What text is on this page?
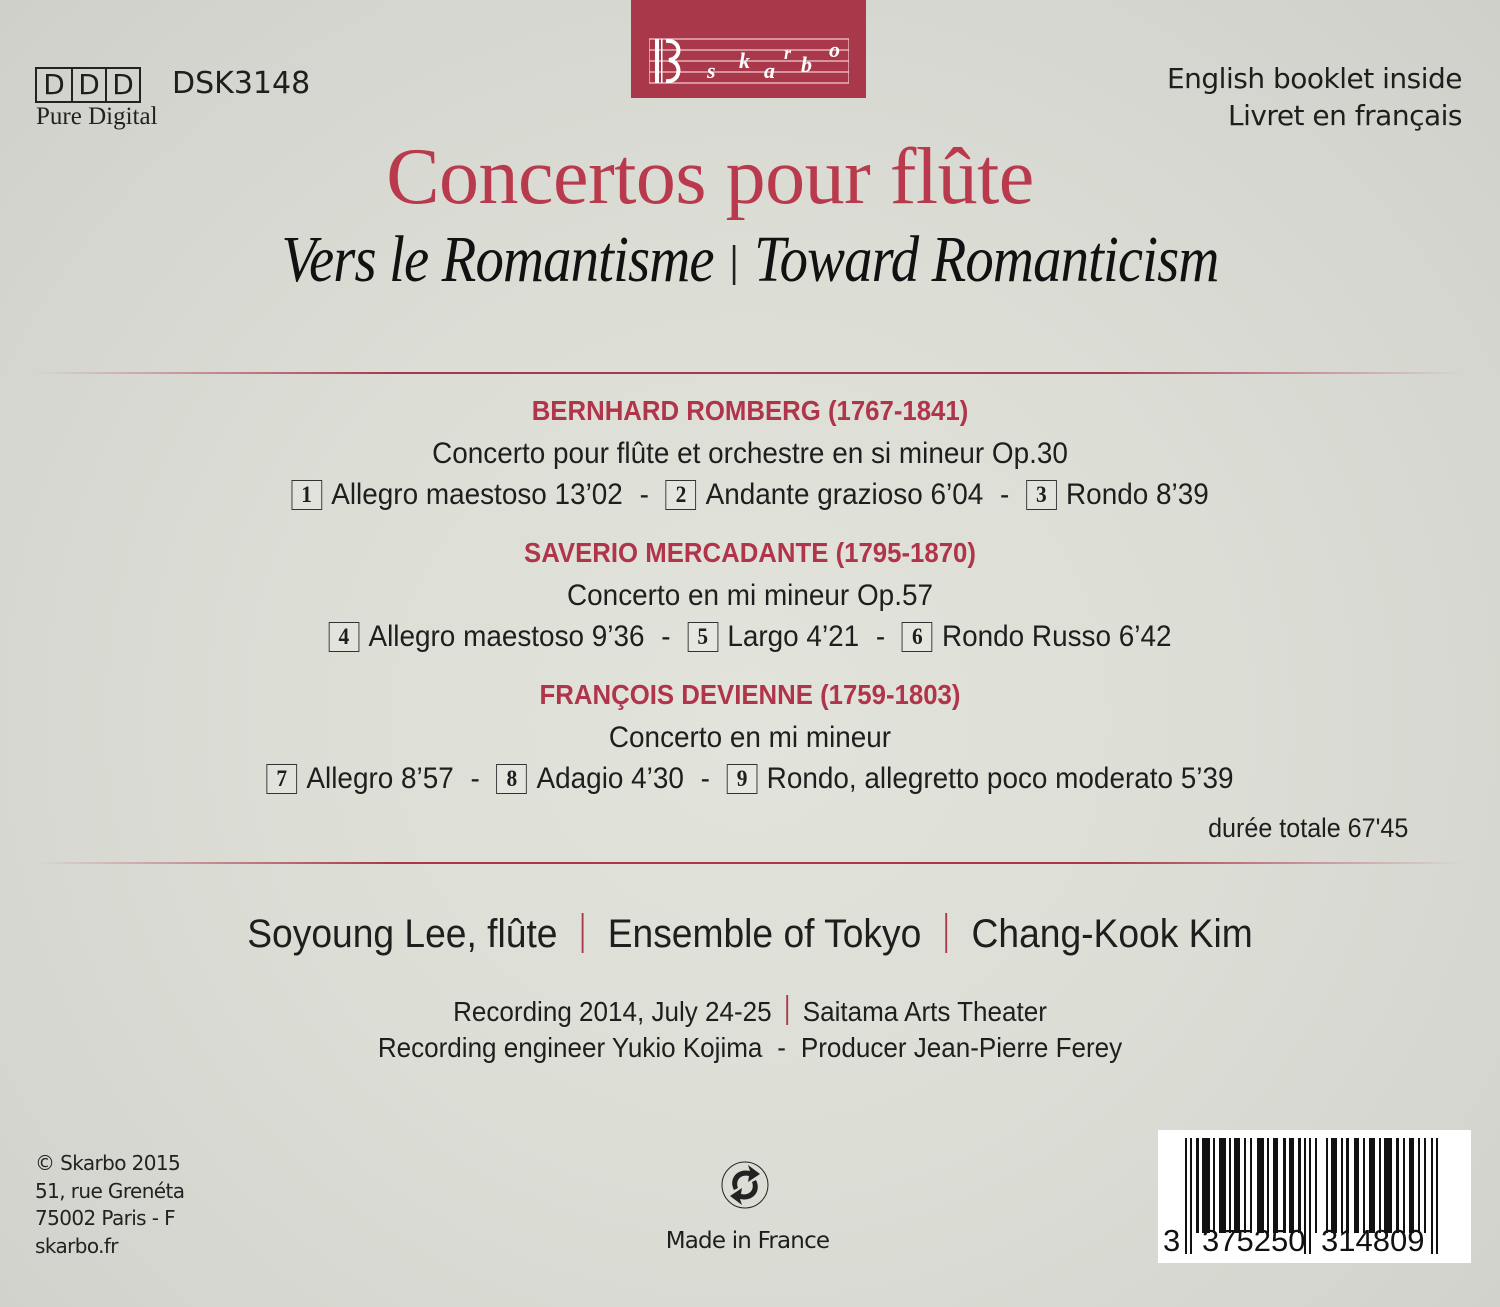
D D D DSK3148
Pure Digital
s k a
r b
o
English booklet inside
Livret en français
Concertos pour flûte
Vers le Romantisme Toward Romanticism
BERNHARD ROMBERG (1767-1841)
Concerto pour flûte et orchestre en si mineur Op.30
1 Allegro maestoso 13’02 - 2 Andante grazioso 6’04 - 3 Rondo 8’39
SAVERIO MERCADANTE (1795-1870)
Concerto en mi mineur Op.57
4 Allegro maestoso 9’36 - 5 Largo 4’21 - 6 Rondo Russo 6’42
FRANÇOIS DEVIENNE (1759-1803)
Concerto en mi mineur
7 Allegro 8’57 - 8 Adagio 4’30 - 9 Rondo, allegretto poco moderato 5’39
durée totale 67'45
Soyoung Lee, flûte Ensemble of Tokyo Chang-Kook Kim
Recording 2014, July 24-25 Saitama Arts Theater
Recording engineer Yukio Kojima - Producer Jean-Pierre Ferey
© Skarbo 2015
51, rue Grenéta
75002 Paris - F
skarbo.fr	Made in France	3 375250 314809
